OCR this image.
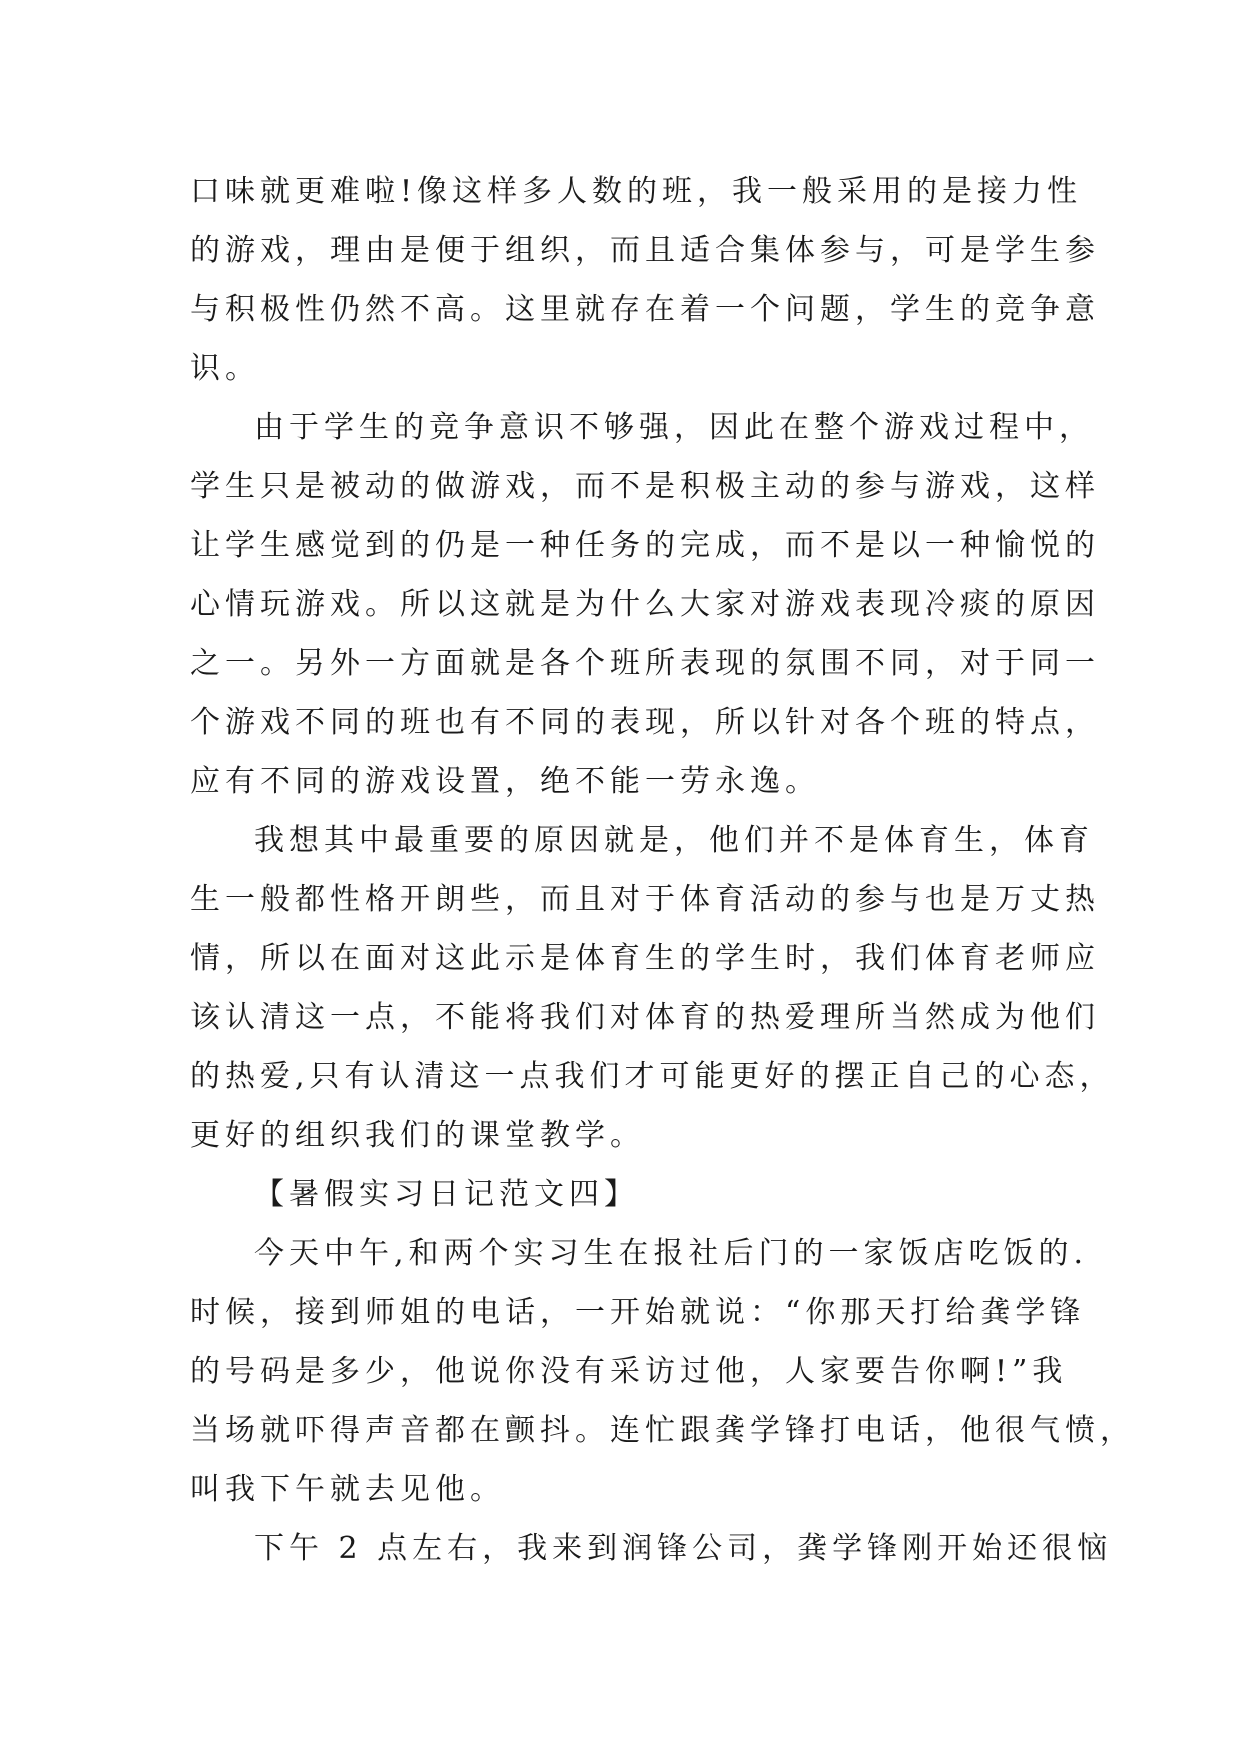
口味就更难啦!像这样多人数的班，我一般采用的是接力性
的游戏，理由是便于组织，而且适合集体参与，可是学生参
与积极性仍然不高。这里就存在着一个问题，学生的竞争意
识。
由于学生的竞争意识不够强，因此在整个游戏过程中，
学生只是被动的做游戏，而不是积极主动的参与游戏，这样
让学生感觉到的仍是一种任务的完成，而不是以一种愉悦的
心情玩游戏。所以这就是为什么大家对游戏表现冷痰的原因
之一。另外一方面就是各个班所表现的氛围不同，对于同一
个游戏不同的班也有不同的表现，所以针对各个班的特点，
应有不同的游戏设置，绝不能一劳永逸。
我想其中最重要的原因就是，他们并不是体育生，体育
生一般都性格开朗些，而且对于体育活动的参与也是万丈热
情，所以在面对这此示是体育生的学生时，我们体育老师应
该认清这一点，不能将我们对体育的热爱理所当然成为他们
的热爱,只有认清这一点我们才可能更好的摆正自己的心态，
更好的组织我们的课堂教学。
【暑假实习日记范文四】
今天中午,和两个实习生在报社后门的一家饭店吃饭的.
时候，接到师姐的电话，一开始就说：“你那天打给龚学锋
的号码是多少，他说你没有采访过他，人家要告你啊!”我
当场就吓得声音都在颤抖。连忙跟龚学锋打电话，他很气愤，
叫我下午就去见他。
下午 2 点左右，我来到润锋公司，龚学锋刚开始还很恼
